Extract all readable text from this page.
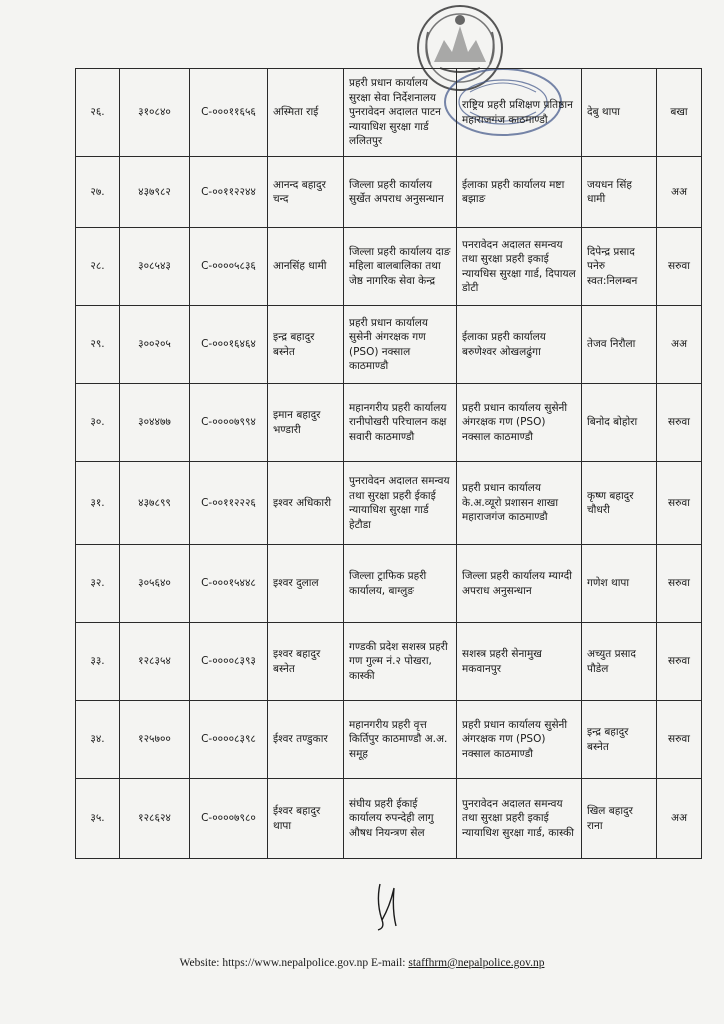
२६.	३१०८४०	C-०००११६५६	अस्मिता राई	प्रहरी प्रधान कार्यालय सुरक्षा सेवा निर्देशनालय पुनरावेदन अदालत पाटन न्यायाधिश सुरक्षा गार्ड ललितपुर	राष्ट्रिय प्रहरी प्रशिक्षण प्रतिष्ठान महाराजगंज काठमाण्डौ	देबु थापा	बखा
२७.	४३७९८२	C-००११२२४४	आनन्द बहादुर चन्द	जिल्ला प्रहरी कार्यालय सुर्खेत अपराध अनुसन्धान	ईलाका प्रहरी कार्यालय मष्टा बझाङ	जयधन सिंह धामी	अअ
२८.	३०८५४३	C-००००५८३६	आनसिंह धामी	जिल्ला प्रहरी कार्यालय दाङ महिला बालबालिका तथा जेष्ठ नागरिक सेवा केन्द्र	पनरावेदन अदालत समन्वय तथा सुरक्षा प्रहरी इकाई न्यायधिस सुरक्षा गार्ड, दिपायल डोटी	दिपेन्द्र प्रसाद पनेरु स्वत:निलम्बन	सरुवा
२९.	३००२०५	C-०००१६४६४	इन्द्र बहादुर बस्नेत	प्रहरी प्रधान कार्यालय सुसेनी अंगरक्षक गण (PSO) नक्साल काठमाण्डौ	ईलाका प्रहरी कार्यालय बरुणेश्वर ओखलढुंगा	तेजव निरौला	अअ
३०.	३०४४७७	C-००००७९९४	इमान बहादुर भण्डारी	महानगरीय प्रहरी कार्यालय रानीपोखरी परिचालन कक्ष सवारी काठमाण्डौ	प्रहरी प्रधान कार्यालय सुसेनी अंगरक्षक गण (PSO) नक्साल काठमाण्डौ	बिनोद बोहोरा	सरुवा
३१.	४३७८९९	C-००११२२२६	इश्वर अधिकारी	पुनरावेदन अदालत समन्वय तथा सुरक्षा प्रहरी ईकाई न्यायाधिश सुरक्षा गार्ड हेटौडा	प्रहरी प्रधान कार्यालय के.अ.व्यूरो प्रशासन शाखा महाराजगंज काठमाण्डौ	कृष्ण बहादुर चौधरी	सरुवा
३२.	३०५६४०	C-०००१५४४८	इश्वर दुलाल	जिल्ला ट्राफिक प्रहरी कार्यालय, बाग्लुङ	जिल्ला प्रहरी कार्यालय म्याग्दी अपराध अनुसन्धान	गणेश थापा	सरुवा
३३.	१२८३५४	C-००००८३९३	इश्वर बहादुर बस्नेत	गण्डकी प्रदेश सशस्त्र प्रहरी गण गुल्म नं.२ पोखरा, कास्की	सशस्त्र प्रहरी सेनामुख मकवानपुर	अच्युत प्रसाद पौडेल	सरुवा
३४.	१२५७००	C-००००८३९८	ईश्वर तण्डुकार	महानगरीय प्रहरी वृत्त किर्तिपुर काठमाण्डौ अ.अ. समूह	प्रहरी प्रधान कार्यालय सुसेनी अंगरक्षक गण (PSO) नक्साल काठमाण्डौ	इन्द्र बहादुर बस्नेत	सरुवा
३५.	१२८६२४	C-००००७९८०	ईश्वर बहादुर थापा	संघीय प्रहरी ईकाई कार्यालय रुपन्देही लागु औषध नियन्त्रण सेल	पुनरावेदन अदालत समन्वय तथा सुरक्षा प्रहरी इकाई न्यायाधिश सुरक्षा गार्ड, कास्की	खिल बहादुर राना	अअ
Website: https://www.nepalpolice.gov.np E-mail: staffhrm@nepalpolice.gov.np
